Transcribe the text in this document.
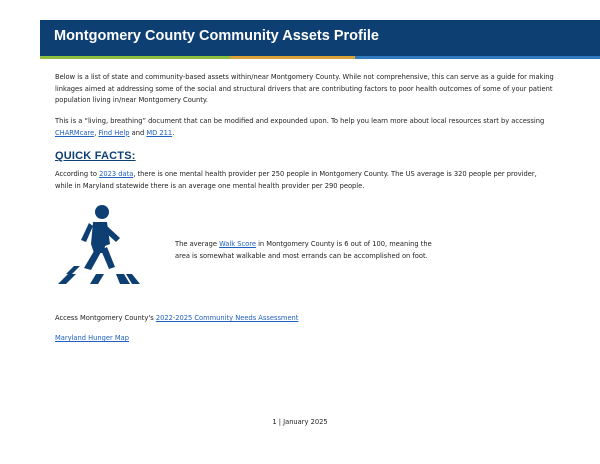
Montgomery County Community Assets Profile

Below is a list of state and community-based assets within/near Montgomery County. While not comprehensive, this can serve as a guide for making linkages aimed at addressing some of the social and structural drivers that are contributing factors to poor health outcomes of some of your patient population living in/near Montgomery County.

This is a “living, breathing” document that can be modified and expounded upon. To help you learn more about local resources start by accessing CHARMcare, Find Help and MD 211.

QUICK FACTS:

According to 2023 data, there is one mental health provider per 250 people in Montgomery County. The US average is 320 people per provider, while in Maryland statewide there is an average one mental health provider per 290 people.

The average Walk Score in Montgomery County is 6 out of 100, meaning the area is somewhat walkable and most errands can be accomplished on foot.

Access Montgomery County's 2022-2025 Community Needs Assessment

Maryland Hunger Map

1 | January 2025
